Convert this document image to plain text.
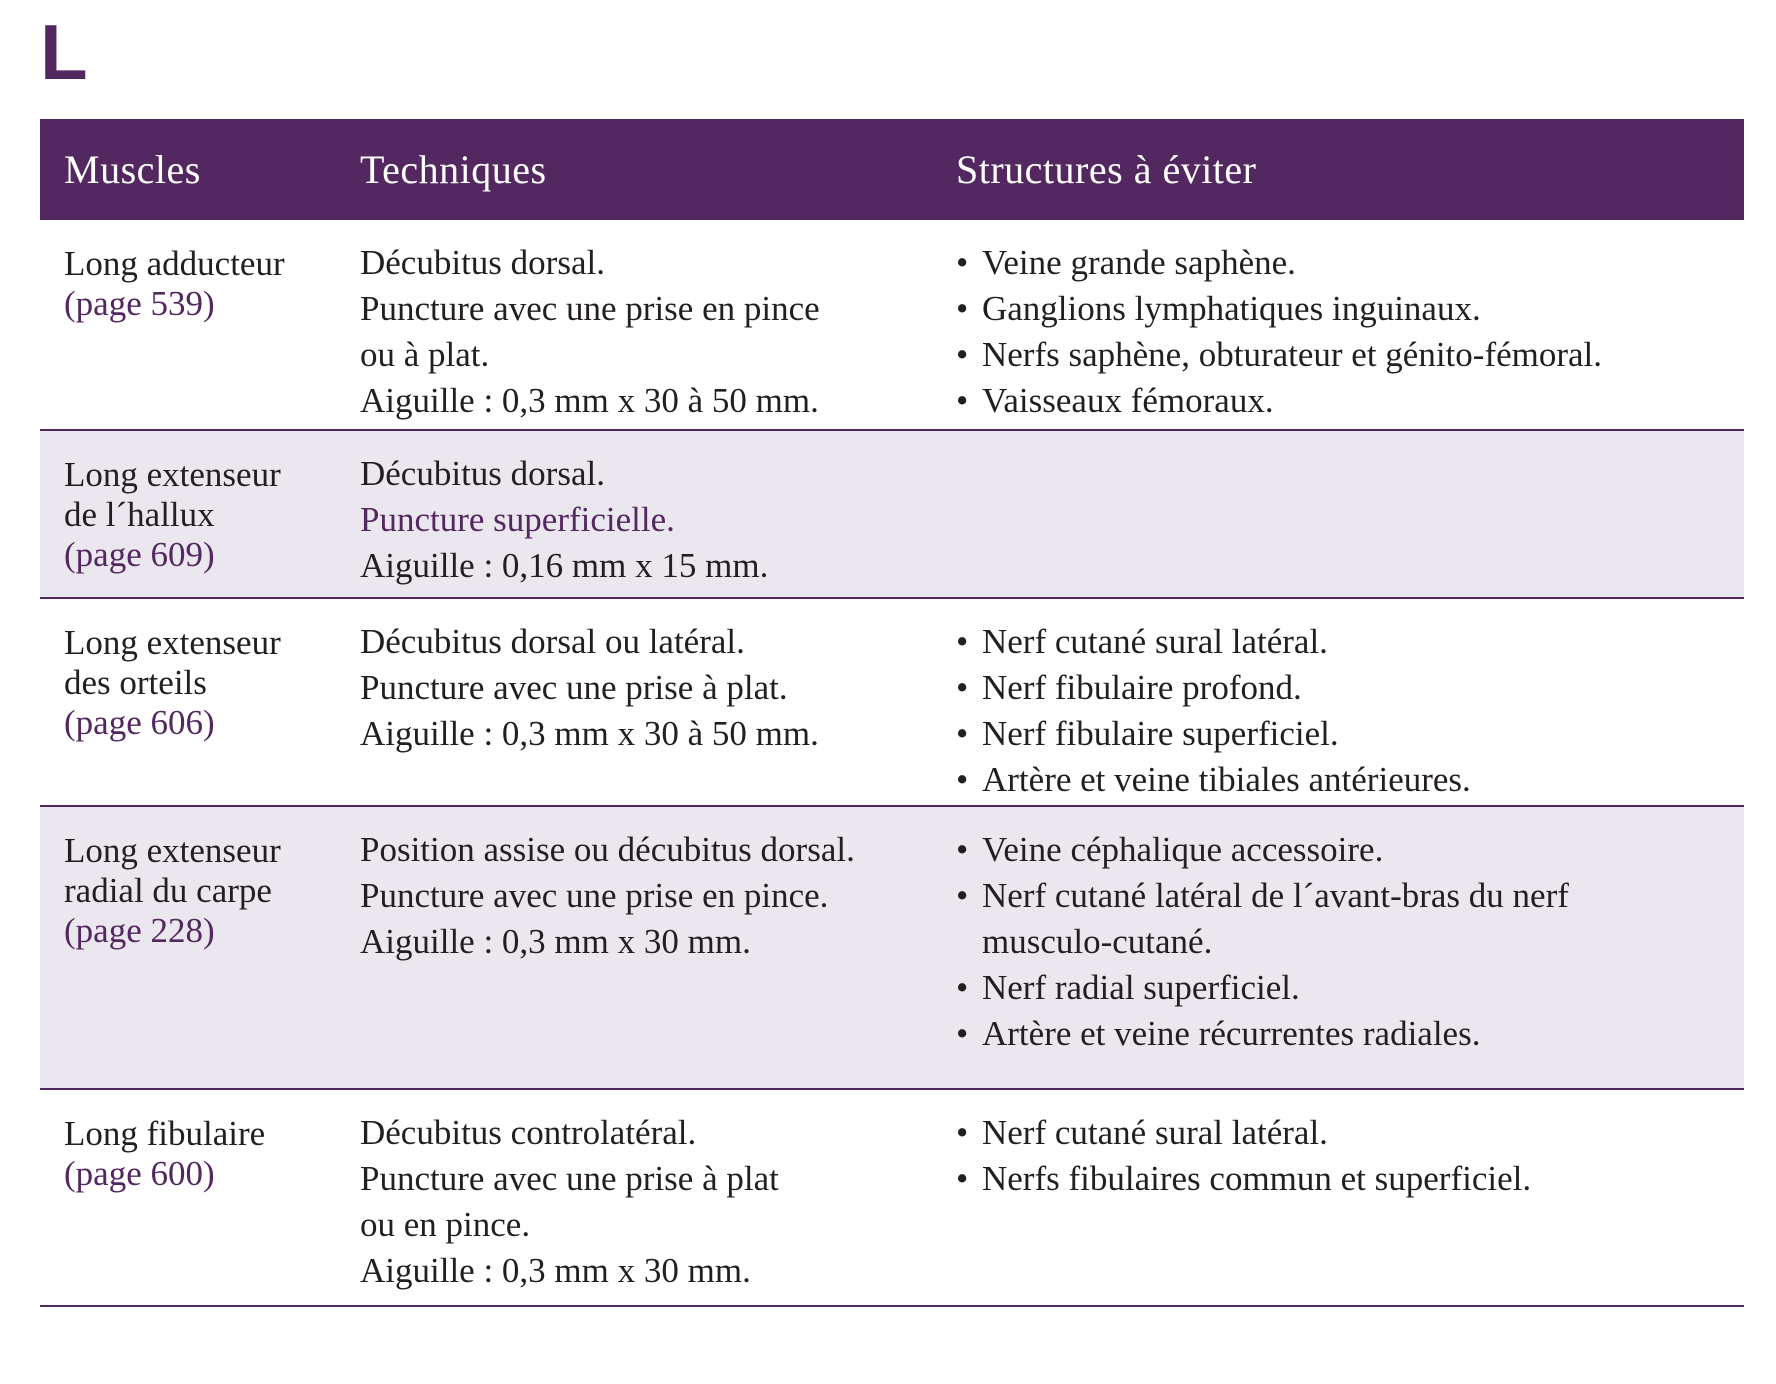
L
Muscles	Techniques	Structures à éviter
Long adducteur
(page 539)
Décubitus dorsal.
Puncture avec une prise en pince
ou à plat.
Aiguille : 0,3 mm x 30 à 50 mm.
• Veine grande saphène.
• Ganglions lymphatiques inguinaux.
• Nerfs saphène, obturateur et génito-fémoral.
• Vaisseaux fémoraux.
Long extenseur
de l´hallux
(page 609)
Décubitus dorsal.
Puncture superficielle.
Aiguille : 0,16 mm x 15 mm.
Long extenseur
des orteils
(page 606)
Décubitus dorsal ou latéral.
Puncture avec une prise à plat.
Aiguille : 0,3 mm x 30 à 50 mm.
• Nerf cutané sural latéral.
• Nerf fibulaire profond.
• Nerf fibulaire superficiel.
• Artère et veine tibiales antérieures.
Long extenseur
radial du carpe
(page 228)
Position assise ou décubitus dorsal.
Puncture avec une prise en pince.
Aiguille : 0,3 mm x 30 mm.
• Veine céphalique accessoire.
• Nerf cutané latéral de l´avant-bras du nerf
musculo-cutané.
• Nerf radial superficiel.
• Artère et veine récurrentes radiales.
Long fibulaire
(page 600)
Décubitus controlatéral.
Puncture avec une prise à plat
ou en pince.
Aiguille : 0,3 mm x 30 mm.
• Nerf cutané sural latéral.
• Nerfs fibulaires commun et superficiel.
